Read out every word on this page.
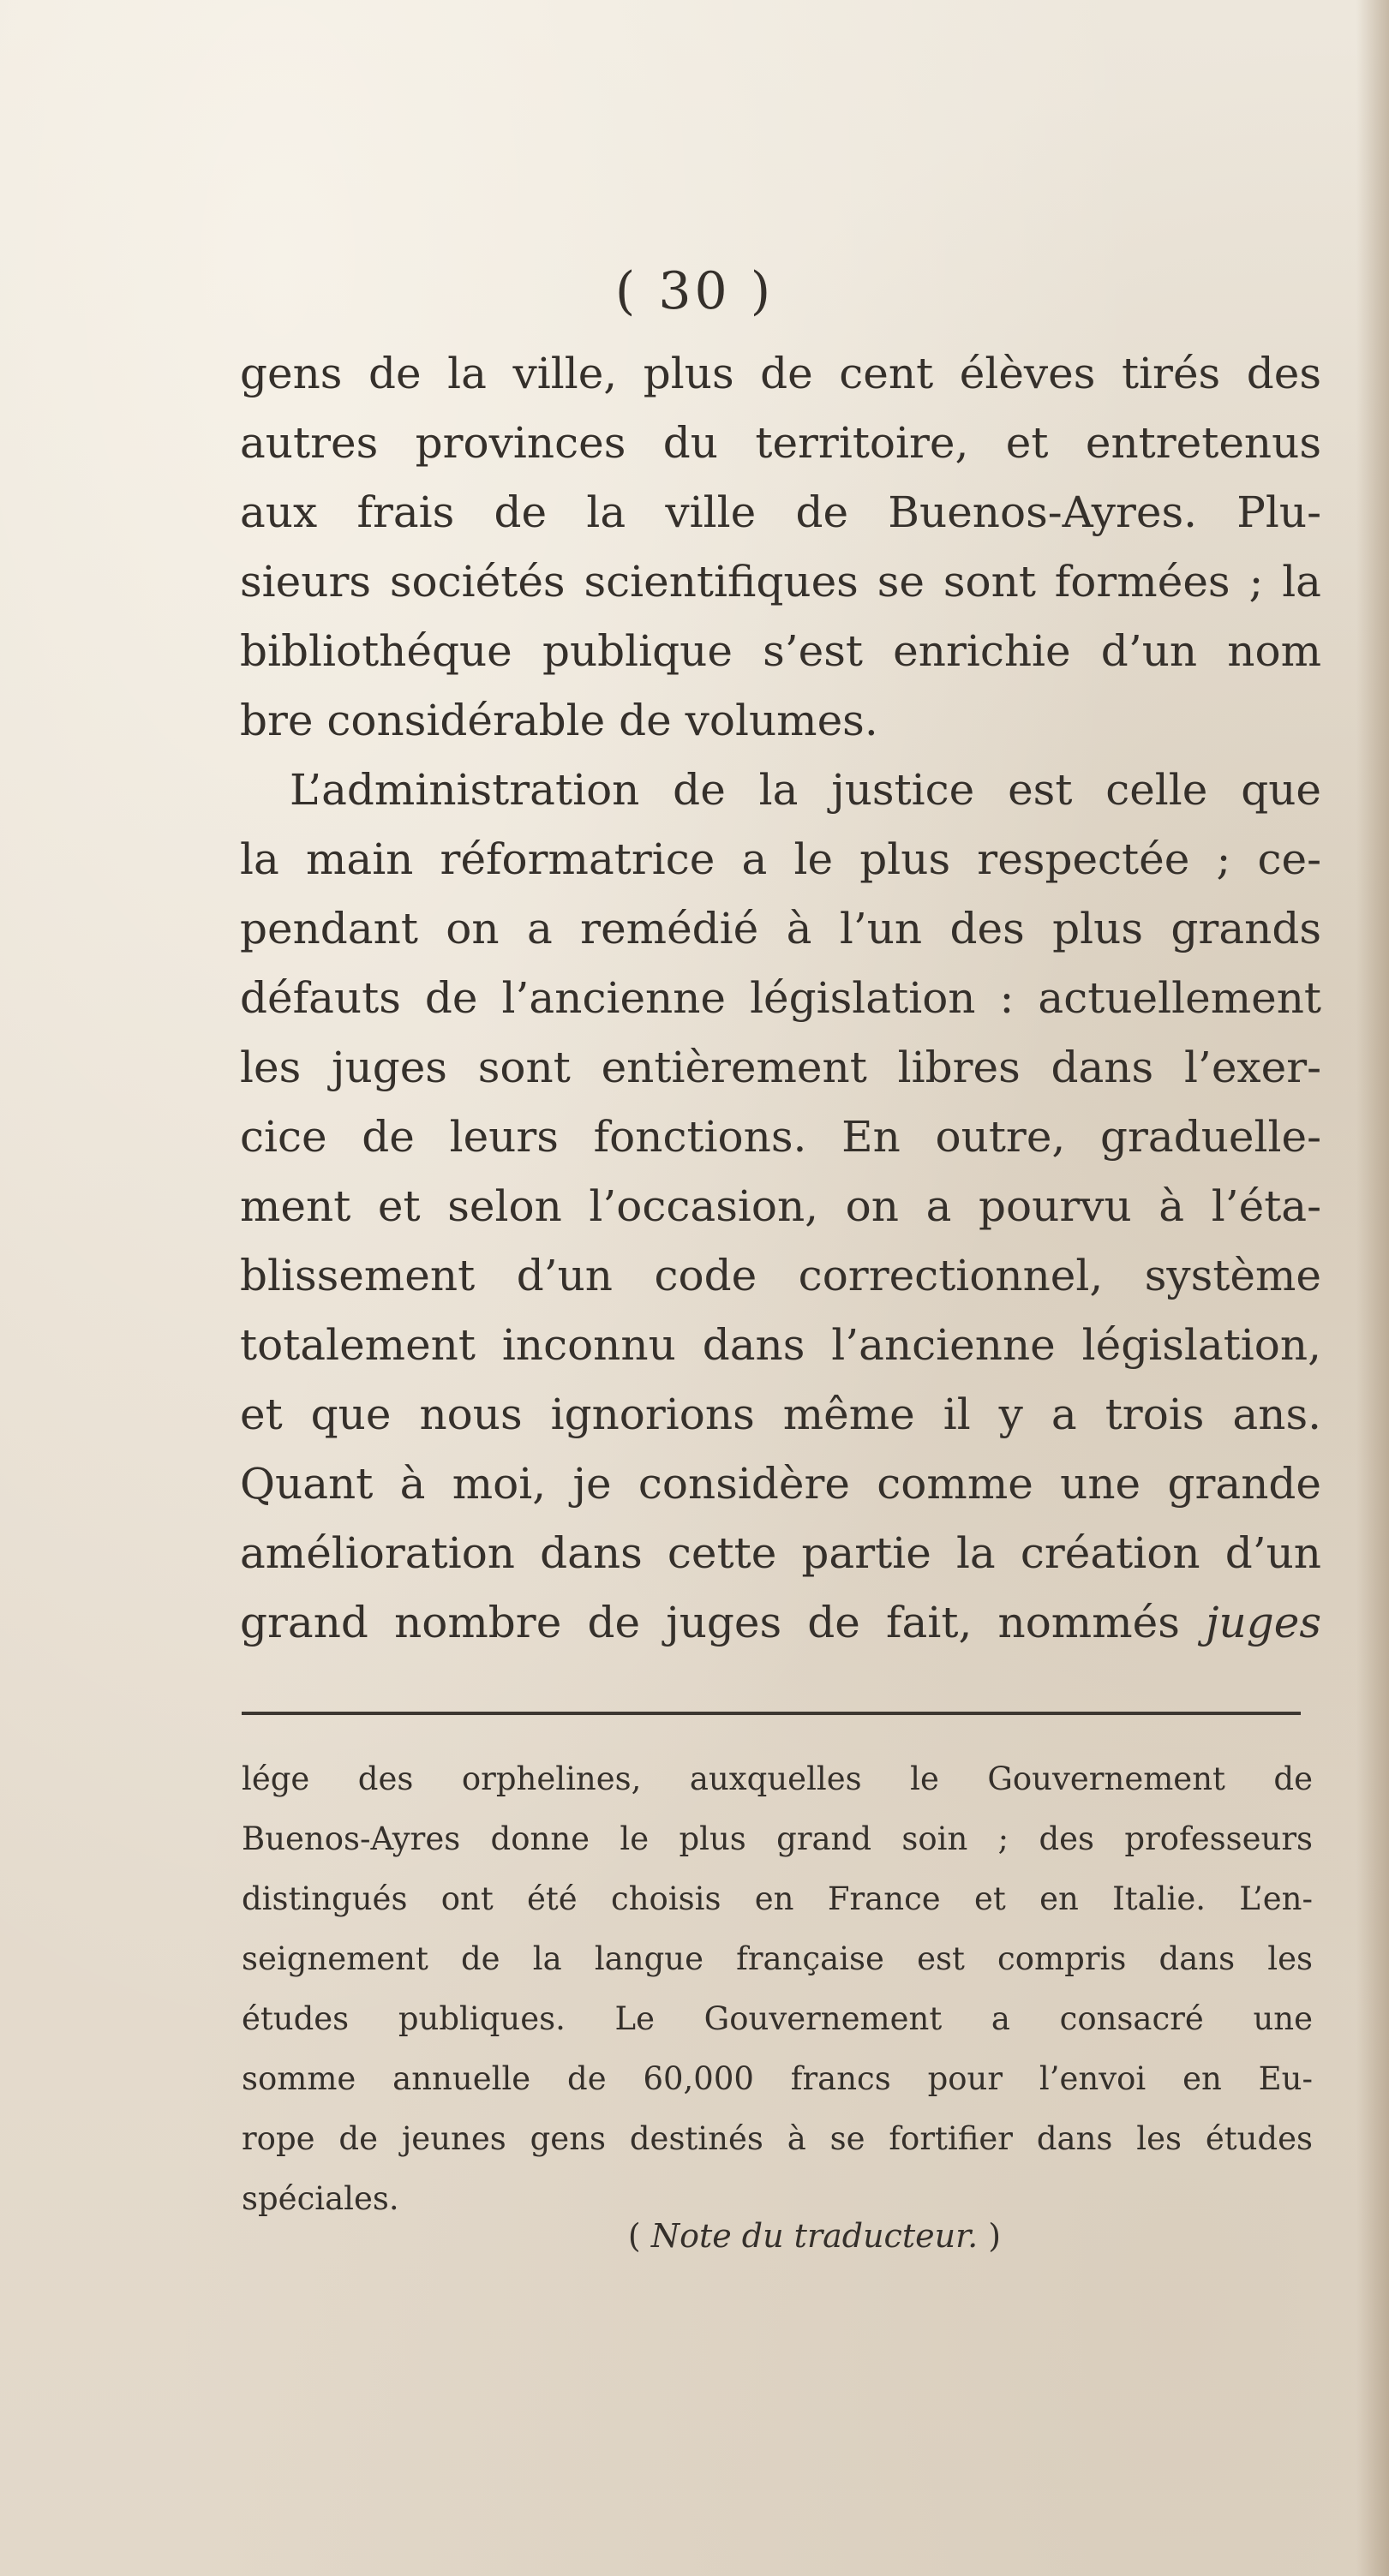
( 30 )
gens de la ville, plus de cent élèves tirés des
autres provinces du territoire, et entretenus
aux frais de la ville de Buenos-Ayres. Plu-
sieurs sociétés scientifiques se sont formées ; la
bibliothéque publique s’est enrichie d’un nom
bre considérable de volumes.
L’administration de la justice est celle que
la main réformatrice a le plus respectée ; ce-
pendant on a remédié à l’un des plus grands
défauts de l’ancienne législation : actuellement
les juges sont entièrement libres dans l’exer-
cice de leurs fonctions. En outre, graduelle-
ment et selon l’occasion, on a pourvu à l’éta-
blissement d’un code correctionnel, système
totalement inconnu dans l’ancienne législation,
et que nous ignorions même il y a trois ans.
Quant à moi, je considère comme une grande
amélioration dans cette partie la création d’un
grand nombre de juges de fait, nommés juges
lége des orphelines, auxquelles le Gouvernement de
Buenos-Ayres donne le plus grand soin ; des professeurs
distingués ont été choisis en France et en Italie. L’en-
seignement de la langue française est compris dans les
études publiques. Le Gouvernement a consacré une
somme annuelle de 60,000 francs pour l’envoi en Eu-
rope de jeunes gens destinés à se fortifier dans les études
spéciales.
( Note du traducteur. )
